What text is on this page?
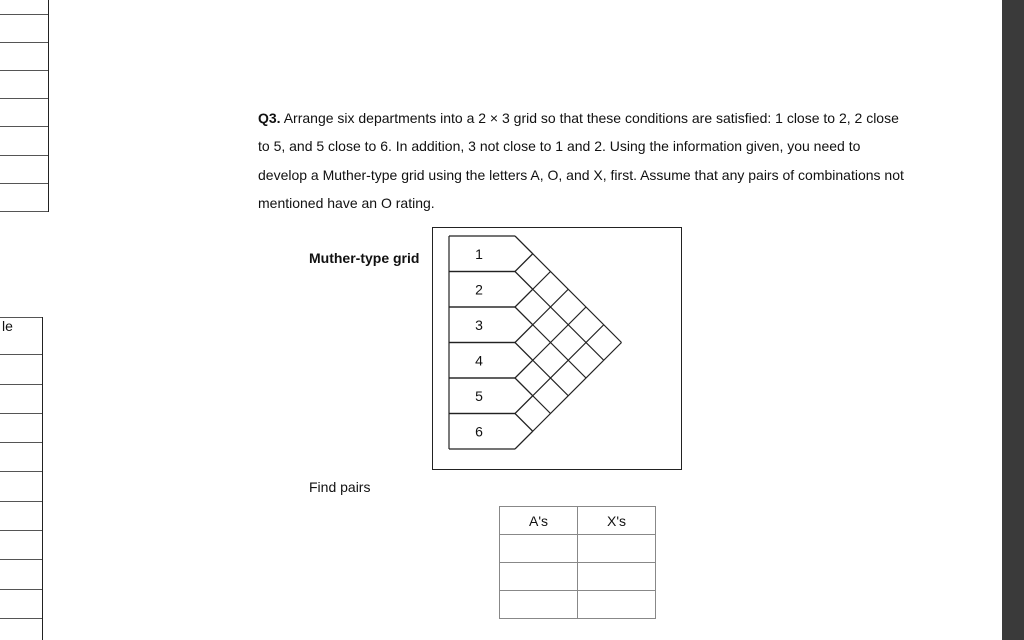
le
Q3. Arrange six departments into a 2 × 3 grid so that these conditions are satisfied: 1 close to 2, 2 close to 5, and 5 close to 6. In addition, 3 not close to 1 and 2. Using the information given, you need to develop a Muther-type grid using the letters A, O, and X, first. Assume that any pairs of combinations not mentioned have an O rating.
Muther-type grid	1
2
3
4
5
6
Find pairs
A's	X's
